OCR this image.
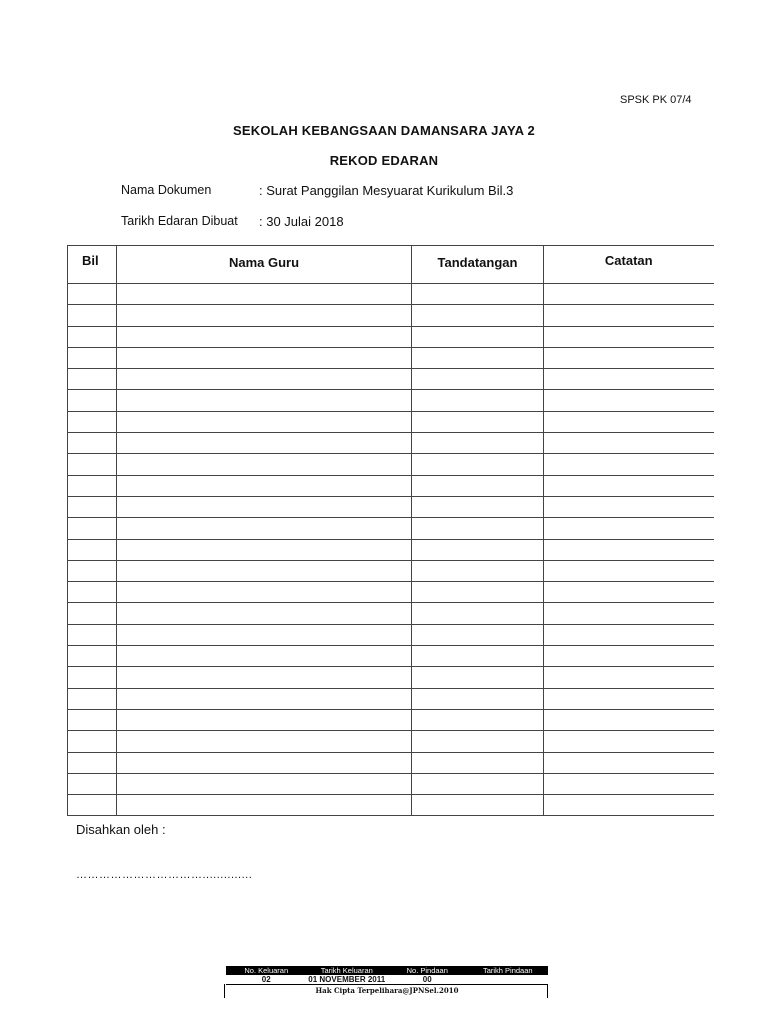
SPSK PK 07/4
SEKOLAH KEBANGSAAN DAMANSARA JAYA 2
REKOD EDARAN
Nama Dokumen	: Surat Panggilan Mesyuarat Kurikulum Bil.3
Tarikh Edaran Dibuat : 30 Julai 2018
Bil	Nama Guru	Tandatangan	Catatan

Disahkan oleh :
……………………………..............
No. Keluaran	Tarikh Keluaran	No. Pindaan	Tarikh Pindaan
02	01 NOVEMBER 2011	00	
Hak Cipta Terpelihara@JPNSel.2010
